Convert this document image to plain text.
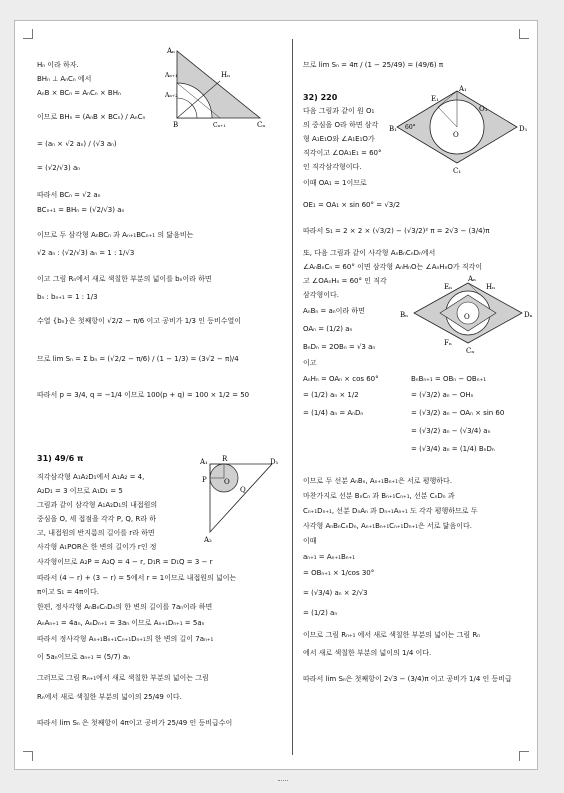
Hₙ 이라 하자.
BHₙ ⊥ AₙCₙ 에서
AₙB × BCₙ = AₙCₙ × BHₙ
이므로 BHₙ = (AₙB × BCₙ) / AₙCₙ
= (aₙ × √2 aₙ) / (√3 aₙ)
= (√2/√3) aₙ
따라서 BCₙ = √2 aₙ
BCₙ₊₁ = BHₙ = (√2/√3) aₙ
이므로 두 삼각형 AₙBCₙ 과 Aₙ₊₁BCₙ₊₁ 의 닮음비는
√2 aₙ : (√2/√3) aₙ = 1 : 1/√3
이고 그림 Rₙ에서 새로 색칠한 부분의 넓이를 bₙ이라 하면
bₙ : bₙ₊₁ = 1 : 1/3
수열 {bₙ}은 첫째항이 √2/2 − π/6 이고 공비가 1/3 인 등비수열이
므로 lim Sₙ = Σ bₙ = (√2/2 − π/6) / (1 − 1/3) = (3√2 − π)/4
따라서 p = 3/4, q = −1/4 이므로 100(p + q) = 100 × 1/2 = 50
31) 49/6 π
직각삼각형 A₁A₂D₁에서 A₁A₂ = 4,
A₂D₁ = 3 이므로 A₁D₁ = 5
그림과 같이 삼각형 A₁A₂D₁의 내접원의
중심을 O, 세 접점을 각각 P, Q, R라 하
고, 내접원의 반지름의 길이를 r라 하면
사각형 A₁POR은 한 변의 길이가 r인 정
사각형이므로 A₂P = A₂Q = 4 − r, D₁R = D₁Q = 3 − r
따라서 (4 − r) + (3 − r) = 5에서 r = 1이므로 내접원의 넓이는
π이고 S₁ = 4π이다.
한편, 정사각형 AₙBₙCₙDₙ의 한 변의 길이를 7aₙ이라 하면
AₙAₙ₊₁ = 4aₙ, AₙDₙ₊₁ = 3aₙ 이므로 Aₙ₊₁Dₙ₊₁ = 5aₙ
따라서 정사각형 Aₙ₊₁Bₙ₊₁Cₙ₊₁Dₙ₊₁의 한 변의 길이 7aₙ₊₁
이 5aₙ이므로 aₙ₊₁ = (5/7) aₙ
그러므로 그림 Rₙ₊₁에서 새로 색칠한 부분의 넓이는 그림
Rₙ에서 새로 색칠한 부분의 넓이의 25/49 이다.
따라서 lim Sₙ 은 첫째항이 4π이고 공비가 25/49 인 등비급수이
므로 lim Sₙ = 4π / (1 − 25/49) = (49/6) π
32) 220
다음 그림과 같이 원 O₁
의 중심을 O라 하면 삼각
형 A₁E₁O와 ∠A₁E₁O가
직각이고 ∠OA₁E₁ = 60°
인 직각삼각형이다.
이때 OA₁ = 1이므로
OE₁ = OA₁ × sin 60° = √3/2
따라서 S₁ = 2 × 2 × (√3/2) − (√3/2)² π = 2√3 − (3/4)π
또, 다음 그림과 같이 사각형 AₙBₙCₙDₙ에서
∠AₙBₙCₙ = 60° 이면 삼각형 AₙHₙO는 ∠AₙHₙO가 직각이
고 ∠OAₙHₙ = 60° 인 직각
삼각형이다.
AₙBₙ = aₙ이라 하면
OAₙ = (1/2) aₙ
BₙDₙ = 2OBₙ = √3 aₙ
이고
AₙHₙ = OAₙ × cos 60°
= (1/2) aₙ × 1/2
= (1/4) aₙ = AₙDₙ
이므로 두 선분 AₙBₙ, Aₙ₊₁Bₙ₊₁은 서로 평행하다.
마찬가지로 선분 BₙCₙ 과 Bₙ₊₁Cₙ₊₁, 선분 CₙDₙ 과
Cₙ₊₁Dₙ₊₁, 선분 DₙAₙ 과 Dₙ₊₁Aₙ₊₁ 도 각각 평행하므로 두
사각형 AₙBₙCₙDₙ, Aₙ₊₁Bₙ₊₁Cₙ₊₁Dₙ₊₁은 서로 닮음이다.
이때
aₙ₊₁ = Aₙ₊₁Bₙ₊₁
= OBₙ₊₁ × 1/cos 30°
= (√3/4) aₙ × 2/√3
= (1/2) aₙ
이므로 그림 Rₙ₊₁ 에서 새로 색칠한 부분의 넓이는 그림 Rₙ
에서 새로 색칠한 부분의 넓이의 1/4 이다.
따라서 lim Sₙ은 첫째항이 2√3 − (3/4)π 이고 공비가 1/4 인 등비급
BₙBₙ₊₁ = OBₙ − OBₙ₊₁
= (√3/2) aₙ − OHₙ
= (√3/2) aₙ − OAₙ × sin 60
= (√3/2) aₙ − (√3/4) aₙ
= (√3/4) aₙ = (1/4) BₙDₙ
Aₙ
Aₙ₊₁
Aₙ₊₂
Hₙ
B	Cₙ₊₁	Cₙ
A₁
A₂
R	D₁
P O
Q
E₁
A₁
B₁ 60°
O
O₁
D₁
C₁
Eₙ
Aₙ
Hₙ
Bₙ	O	Dₙ
Fₙ
Cₙ
